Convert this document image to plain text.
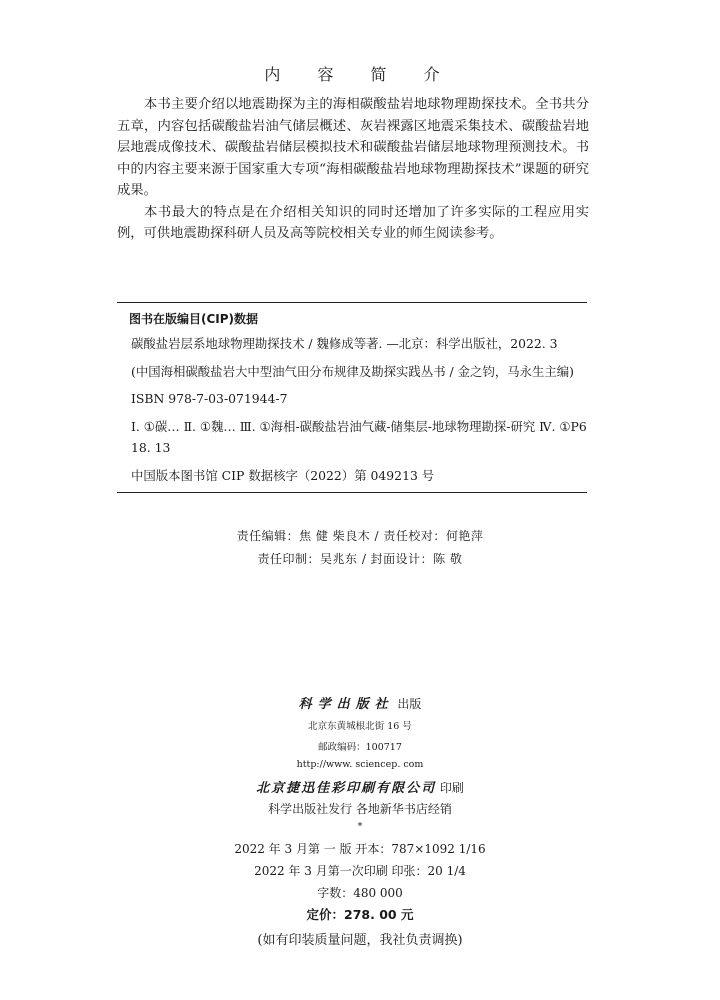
内 容 简 介

本书主要介绍以地震勘探为主的海相碳酸盐岩地球物理勘探技术。全书共分五章，内容包括碳酸盐岩油气储层概述、灰岩裸露区地震采集技术、碳酸盐岩地层地震成像技术、碳酸盐岩储层模拟技术和碳酸盐岩储层地球物理预测技术。书中的内容主要来源于国家重大专项“海相碳酸盐岩地球物理勘探技术”课题的研究成果。

本书最大的特点是在介绍相关知识的同时还增加了许多实际的工程应用实例，可供地震勘探科研人员及高等院校相关专业的师生阅读参考。

图书在版编目(CIP)数据

碳酸盐岩层系地球物理勘探技术 / 魏修成等著. —北京：科学出版社，2022. 3

(中国海相碳酸盐岩大中型油气田分布规律及勘探实践丛书 / 金之钧，马永生主编)

ISBN 978-7-03-071944-7

Ⅰ. ①碳… Ⅱ. ①魏… Ⅲ. ①海相-碳酸盐岩油气藏-储集层-地球物理勘探-研究 Ⅳ. ①P618. 13

中国版本图书馆 CIP 数据核字（2022）第 049213 号

责任编辑：焦 健 柴良木 / 责任校对：何艳萍
责任印制：吴兆东 / 封面设计：陈 敬
科学出版社 出版
北京东黄城根北街 16 号
邮政编码：100717
http://www. sciencep. com
北京捷迅佳彩印刷有限公司 印刷
科学出版社发行 各地新华书店经销
*
2022 年 3 月第 一 版 开本：787×1092 1/16
2022 年 3 月第一次印刷 印张：20 1/4
字数：480 000
定价：278. 00 元
(如有印装质量问题，我社负责调换)
